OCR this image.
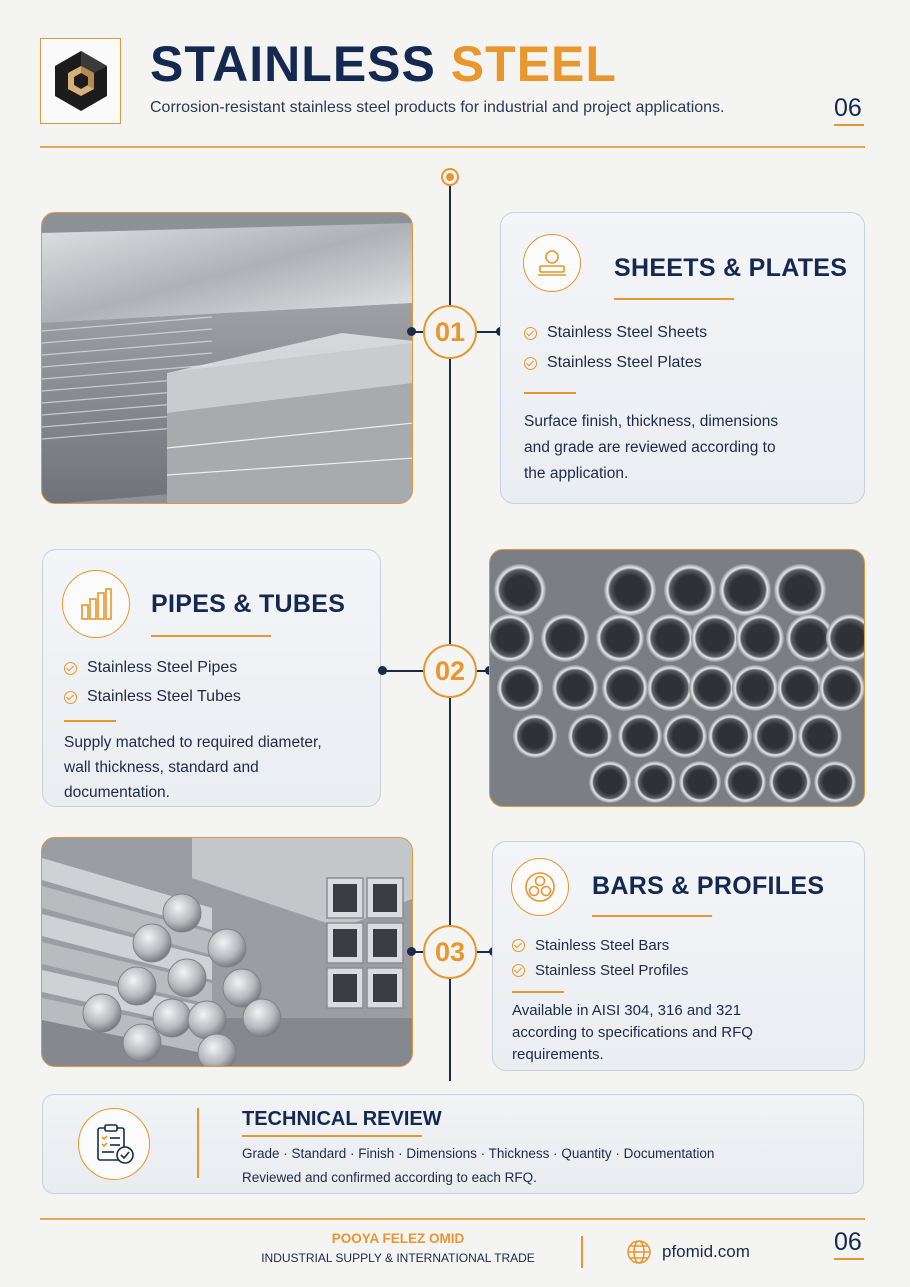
STAINLESS STEEL
Corrosion-resistant stainless steel products for industrial and project applications.	06
01
SHEETS & PLATES
Stainless Steel Sheets
Stainless Steel Plates
Surface finish, thickness, dimensions and grade are reviewed according to the application.
PIPES & TUBES
Stainless Steel Pipes
Stainless Steel Tubes
Supply matched to required diameter, wall thickness, standard and documentation.
02
03
BARS & PROFILES
Stainless Steel Bars
Stainless Steel Profiles
Available in AISI 304, 316 and 321 according to specifications and RFQ requirements.
TECHNICAL REVIEW
Grade · Standard · Finish · Dimensions · Thickness · Quantity · Documentation
Reviewed and confirmed according to each RFQ.
POOYA FELEZ OMID
INDUSTRIAL SUPPLY & INTERNATIONAL TRADE	pfomid.com	06
